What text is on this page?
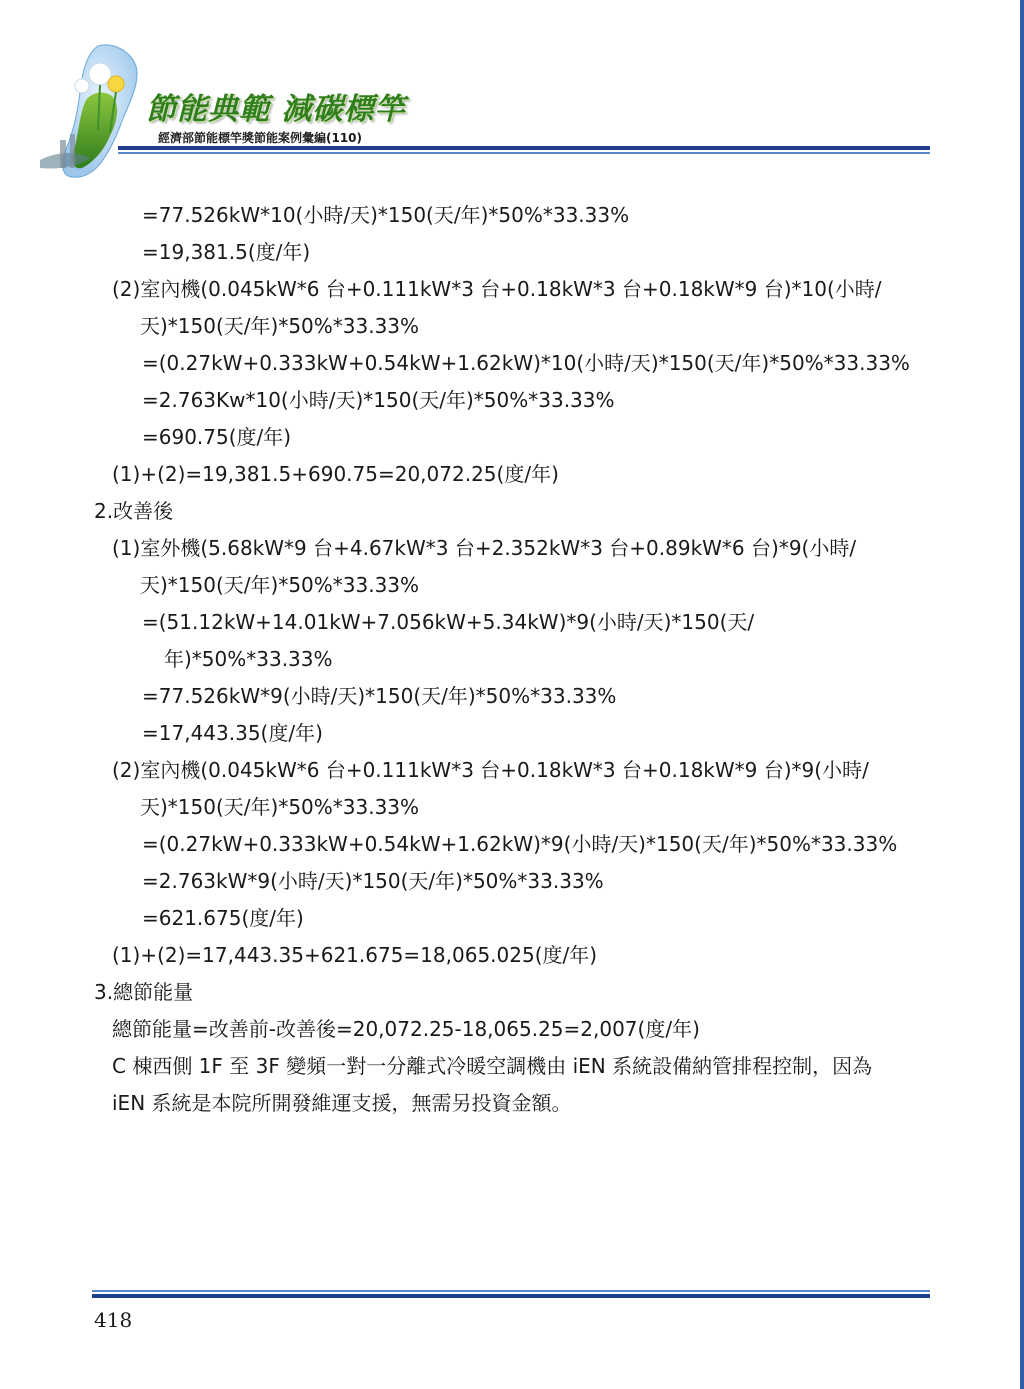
節能典範 減碳標竿
經濟部節能標竿獎節能案例彙編(110)
=77.526kW*10(小時/天)*150(天/年)*50%*33.33%
=19,381.5(度/年)
(2)室內機(0.045kW*6 台+0.111kW*3 台+0.18kW*3 台+0.18kW*9 台)*10(小時/
天)*150(天/年)*50%*33.33%
=(0.27kW+0.333kW+0.54kW+1.62kW)*10(小時/天)*150(天/年)*50%*33.33%
=2.763Kw*10(小時/天)*150(天/年)*50%*33.33%
=690.75(度/年)
(1)+(2)=19,381.5+690.75=20,072.25(度/年)
2.改善後
(1)室外機(5.68kW*9 台+4.67kW*3 台+2.352kW*3 台+0.89kW*6 台)*9(小時/
天)*150(天/年)*50%*33.33%
=(51.12kW+14.01kW+7.056kW+5.34kW)*9(小時/天)*150(天/
年)*50%*33.33%
=77.526kW*9(小時/天)*150(天/年)*50%*33.33%
=17,443.35(度/年)
(2)室內機(0.045kW*6 台+0.111kW*3 台+0.18kW*3 台+0.18kW*9 台)*9(小時/
天)*150(天/年)*50%*33.33%
=(0.27kW+0.333kW+0.54kW+1.62kW)*9(小時/天)*150(天/年)*50%*33.33%
=2.763kW*9(小時/天)*150(天/年)*50%*33.33%
=621.675(度/年)
(1)+(2)=17,443.35+621.675=18,065.025(度/年)
3.總節能量
總節能量=改善前-改善後=20,072.25-18,065.25=2,007(度/年)
C 棟西側 1F 至 3F 變頻一對一分離式冷暖空調機由 iEN 系統設備納管排程控制，因為
iEN 系統是本院所開發維運支援，無需另投資金額。
418
